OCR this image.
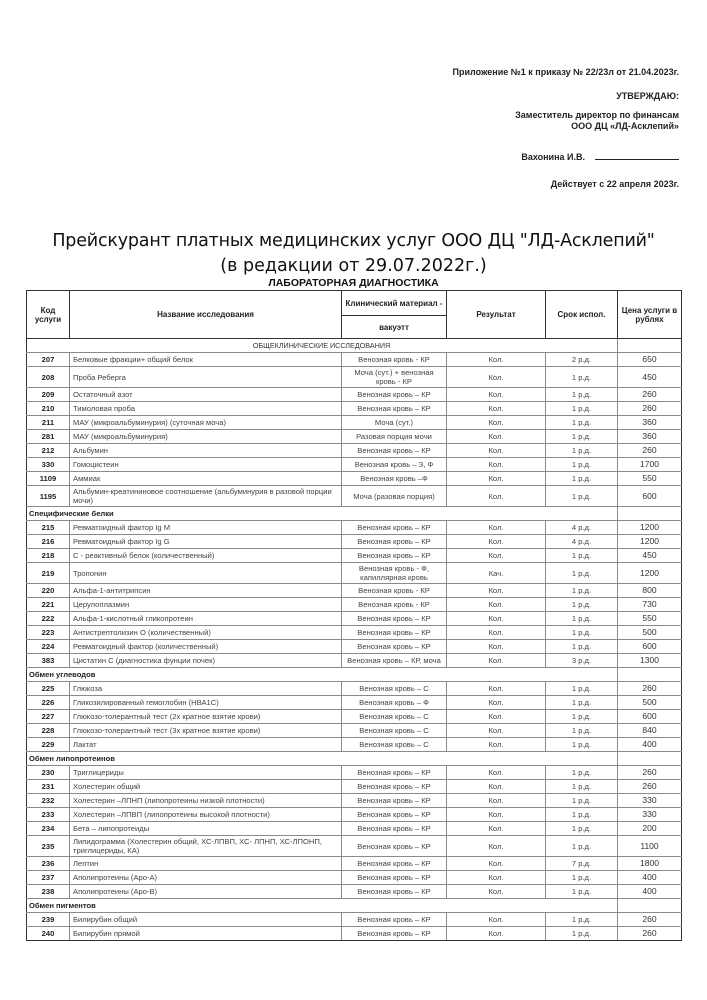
Приложение №1 к приказу № 22/23л от 21.04.2023г.
УТВЕРЖДАЮ:
Заместитель директор по финансам
ООО ДЦ «ЛД-Асклепий»
Вахонина И.В.
Действует с 22 апреля 2023г.
Прейскурант платных медицинских услуг ООО ДЦ "ЛД-Асклепий"
(в редакции от 29.07.2022г.)
ЛАБОРАТОРНАЯ ДИАГНОСТИКА
Код услуги	Название исследования	Клинический материал -	Результат	Срок испол.	Цена услуги в рублях
		вакуэтт			
ОБЩЕКЛИНИЧЕСКИЕ ИССЛЕДОВАНИЯ					
207	Белковые фракции+ общий белок	Венозная кровь - КР	Кол.	2 р.д.	650
208	Проба Реберга	Моча (сут.) + венозная кровь - КР	Кол.	1 р.д.	450
209	Остаточный азот	Венозная кровь – КР	Кол.	1 р.д.	260
210	Тимоловая проба	Венозная кровь – КР	Кол.	1 р.д.	260
211	МАУ (микроальбуминурия) (суточная моча)	Моча (сут.)	Кол.	1 р.д.	360
281	МАУ (микроальбуминурия)	Разовая порция мочи	Кол.	1 р.д.	360
212	Альбумин	Венозная кровь – КР	Кол.	1 р.д.	260
330	Гомоцистеин	Венозная кровь – З, Ф	Кол.	1 р.д.	1700
1109	Аммиак	Венозная кровь –Ф	Кол.	1 р.д.	550
1195	Альбумин-креатининовое соотношение (альбуминурия в разовой порции мочи)	Моча (разовая порция)	Кол.	1 р.д.	600
Специфические белки					
215	Ревматоидный фактор Ig M	Венозная кровь – КР	Кол.	4 р.д.	1200
216	Ревматоидный фактор Ig G	Венозная кровь – КР	Кол.	4 р.д.	1200
218	С - реактивный белок (количественный)	Венозная кровь – КР	Кол.	1 р.д.	450
219	Тропонин	Венозная кровь - Ф, капиллярная кровь	Кач.	1 р.д.	1200
220	Альфа-1-антитрипсин	Венозная кровь - КР	Кол.	1 р.д.	800
221	Церулоплазмин	Венозная кровь - КР	Кол.	1 р.д.	730
222	Альфа-1-кислотный гликопротеин	Венозная кровь – КР	Кол.	1 р.д.	550
223	Антистрептолизин О (количественный)	Венозная кровь – КР	Кол.	1 р.д.	500
224	Ревматоидный фактор (количественный)	Венозная кровь – КР	Кол.	1 р.д.	600
383	Цистатин С (диагностика фунции почек)	Венозная кровь – КР, моча	Кол.	3 р.д.	1300
Обмен углеводов					
225	Глюкоза	Венозная кровь – С	Кол.	1 р.д.	260
226	Гликозилированный гемоглобин (НВА1С)	Венозная кровь – Ф	Кол.	1 р.д.	500
227	Глюкозо-толерантный тест (2х кратное взятие крови)	Венозная кровь – С	Кол.	1 р.д.	600
228	Глюкозо-толерантный тест (3х кратное взятие крови)	Венозная кровь – С	Кол.	1 р.д.	840
229	Лактат	Венозная кровь – С	Кол.	1 р.д.	400
Обмен липопротеинов					
230	Триглицериды	Венозная кровь – КР	Кол.	1 р.д.	260
231	Холестерин общий	Венозная кровь – КР	Кол.	1 р.д.	260
232	Холестерин –ЛПНП (липопротеины низкой плотности)	Венозная кровь – КР	Кол.	1 р.д.	330
233	Холестерин –ЛПВП (липопротеины высокой плотности)	Венозная кровь – КР	Кол.	1 р.д.	330
234	Бета – липопротеиды	Венозная кровь – КР	Кол.	1 р.д.	200
235	Липидограмма (Холестерин общий, ХС-ЛПВП, ХС- ЛПНП, ХС-ЛПОНП, триглицериды, КА)	Венозная кровь – КР	Кол.	1 р.д.	1100
236	Лептин	Венозная кровь – КР	Кол.	7 р.д.	1800
237	Аполипротеины (Аро-А)	Венозная кровь – КР	Кол.	1 р.д.	400
238	Аполипротеины (Аро-В)	Венозная кровь – КР	Кол.	1 р.д.	400
Обмен пигментов					
239	Билирубин общий	Венозная кровь – КР	Кол.	1 р.д.	260
240	Билирубин прямой	Венозная кровь – КР	Кол.	1 р.д.	260
